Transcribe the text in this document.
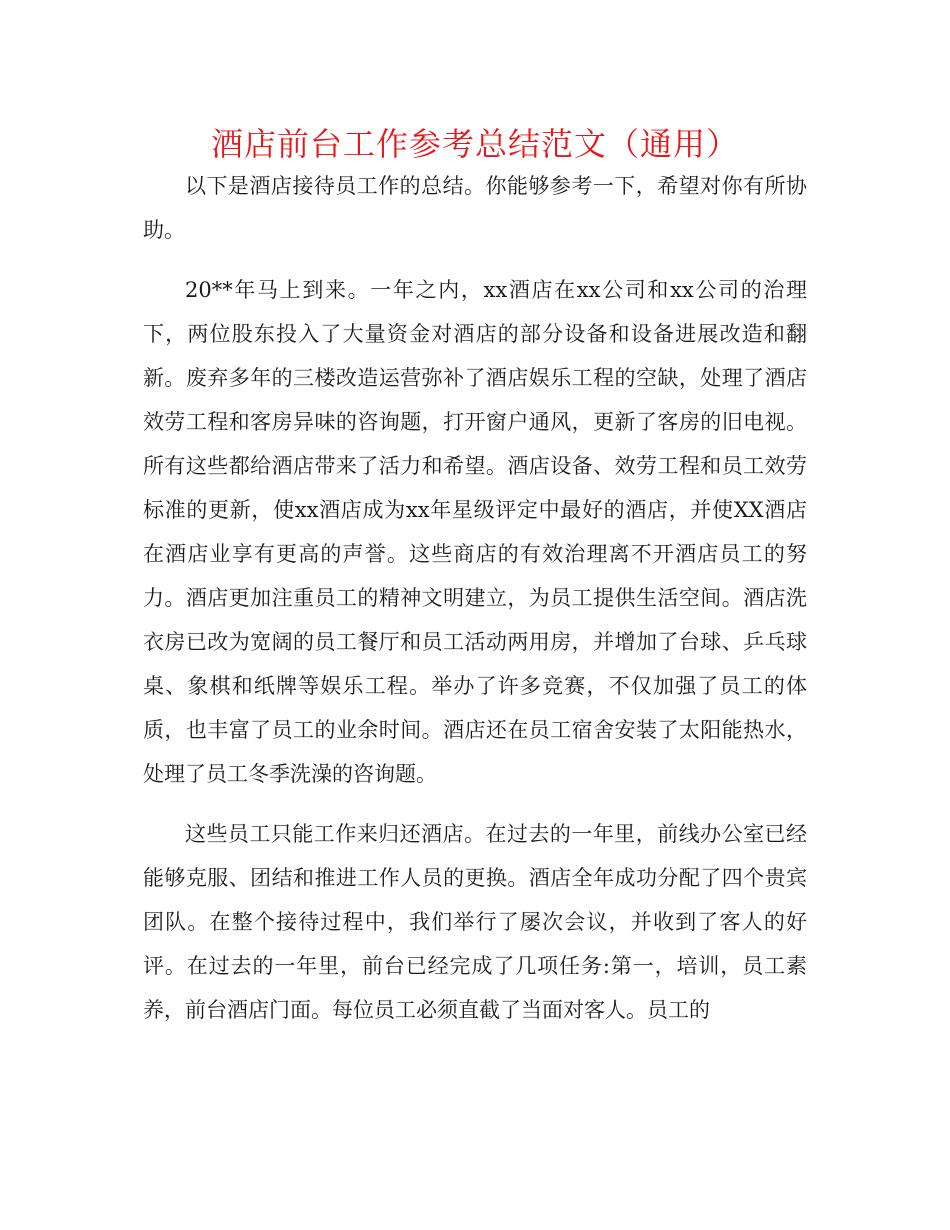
酒店前台工作参考总结范文（通用）

以下是酒店接待员工作的总结。你能够参考一下，希望对你有所协助。

20**年马上到来。一年之内，xx酒店在xx公司和xx公司的治理下，两位股东投入了大量资金对酒店的部分设备和设备进展改造和翻新。废弃多年的三楼改造运营弥补了酒店娱乐工程的空缺，处理了酒店效劳工程和客房异味的咨询题，打开窗户通风，更新了客房的旧电视。所有这些都给酒店带来了活力和希望。酒店设备、效劳工程和员工效劳标准的更新，使xx酒店成为xx年星级评定中最好的酒店，并使XX酒店在酒店业享有更高的声誉。这些商店的有效治理离不开酒店员工的努力。酒店更加注重员工的精神文明建立，为员工提供生活空间。酒店洗衣房已改为宽阔的员工餐厅和员工活动两用房，并增加了台球、乒乓球桌、象棋和纸牌等娱乐工程。举办了许多竞赛，不仅加强了员工的体质，也丰富了员工的业余时间。酒店还在员工宿舍安装了太阳能热水，处理了员工冬季洗澡的咨询题。

这些员工只能工作来归还酒店。在过去的一年里，前线办公室已经能够克服、团结和推进工作人员的更换。酒店全年成功分配了四个贵宾团队。在整个接待过程中，我们举行了屡次会议，并收到了客人的好评。在过去的一年里，前台已经完成了几项任务:第一，培训，员工素养，前台酒店门面。每位员工必须直截了当面对客人。员工的
